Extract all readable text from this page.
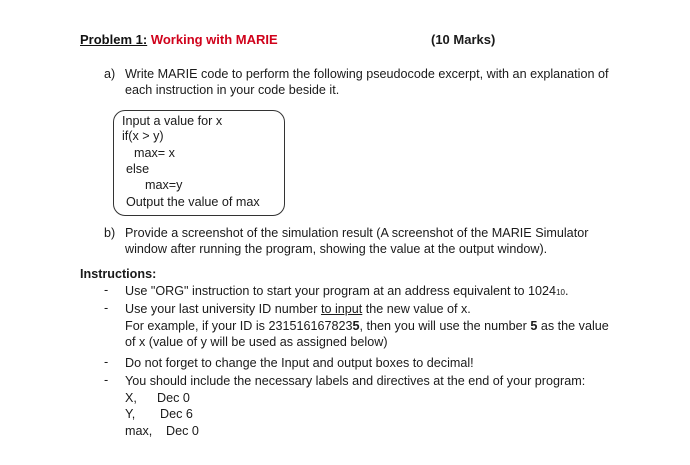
Problem 1: Working with MARIE	(10 Marks)
a) Write MARIE code to perform the following pseudocode excerpt, with an explanation of
each instruction in your code beside it.
Input a value for x
if(x > y)
max= x
else
max=y
Output the value of max
b) Provide a screenshot of the simulation result (A screenshot of the MARIE Simulator
window after running the program, showing the value at the output window).
Instructions:
- Use "ORG" instruction to start your program at an address equivalent to 102410.
- Use your last university ID number to input the new value of x.
For example, if your ID is 2315161678235, then you will use the number 5 as the value
of x (value of y will be used as assigned below)
- Do not forget to change the Input and output boxes to decimal!
- You should include the necessary labels and directives at the end of your program:
X, Dec 0
Y, Dec 6
max, Dec 0
